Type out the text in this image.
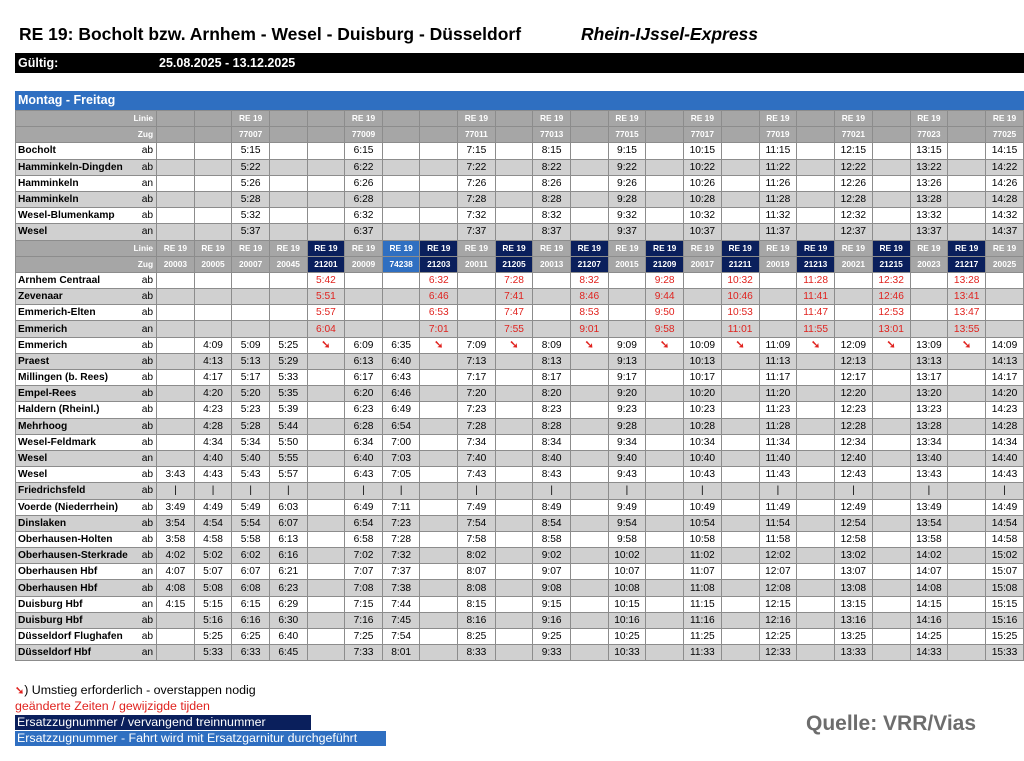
RE 19: Bocholt bzw. Arnhem - Wesel - Duisburg - Düsseldorf	Rhein-IJssel-Express
Gültig:	25.08.2025 - 13.12.2025
Montag - Freitag
Linie				RE 19			RE 19			RE 19		RE 19		RE 19		RE 19		RE 19		RE 19		RE 19		RE 19
Zug				77007			77009			77011		77013		77015		77017		77019		77021		77023		77025
Bocholt	ab			5:15			6:15			7:15		8:15		9:15		10:15		11:15		12:15		13:15		14:15
Hamminkeln-Dingden	ab			5:22			6:22			7:22		8:22		9:22		10:22		11:22		12:22		13:22		14:22
Hamminkeln	an			5:26			6:26			7:26		8:26		9:26		10:26		11:26		12:26		13:26		14:26
Hamminkeln	ab			5:28			6:28			7:28		8:28		9:28		10:28		11:28		12:28		13:28		14:28
Wesel-Blumenkamp	ab			5:32			6:32			7:32		8:32		9:32		10:32		11:32		12:32		13:32		14:32
Wesel	an			5:37			6:37			7:37		8:37		9:37		10:37		11:37		12:37		13:37		14:37
Linie		RE 19	RE 19	RE 19	RE 19	RE 19	RE 19	RE 19	RE 19	RE 19	RE 19	RE 19	RE 19	RE 19	RE 19	RE 19	RE 19	RE 19	RE 19	RE 19	RE 19	RE 19	RE 19	RE 19
Zug		20003	20005	20007	20045	21201	20009	74238	21203	20011	21205	20013	21207	20015	21209	20017	21211	20019	21213	20021	21215	20023	21217	20025
Arnhem Centraal	ab					5:42			6:32		7:28		8:32		9:28		10:32		11:28		12:32		13:28	
Zevenaar	ab					5:51			6:46		7:41		8:46		9:44		10:46		11:41		12:46		13:41	
Emmerich-Elten	ab					5:57			6:53		7:47		8:53		9:50		10:53		11:47		12:53		13:47	
Emmerich	an					6:04			7:01		7:55		9:01		9:58		11:01		11:55		13:01		13:55	
Emmerich	ab		4:09	5:09	5:25	➘	6:09	6:35	➘	7:09	➘	8:09	➘	9:09	➘	10:09	➘	11:09	➘	12:09	➘	13:09	➘	14:09
Praest	ab		4:13	5:13	5:29		6:13	6:40		7:13		8:13		9:13		10:13		11:13		12:13		13:13		14:13
Millingen (b. Rees)	ab		4:17	5:17	5:33		6:17	6:43		7:17		8:17		9:17		10:17		11:17		12:17		13:17		14:17
Empel-Rees	ab		4:20	5:20	5:35		6:20	6:46		7:20		8:20		9:20		10:20		11:20		12:20		13:20		14:20
Haldern (Rheinl.)	ab		4:23	5:23	5:39		6:23	6:49		7:23		8:23		9:23		10:23		11:23		12:23		13:23		14:23
Mehrhoog	ab		4:28	5:28	5:44		6:28	6:54		7:28		8:28		9:28		10:28		11:28		12:28		13:28		14:28
Wesel-Feldmark	ab		4:34	5:34	5:50		6:34	7:00		7:34		8:34		9:34		10:34		11:34		12:34		13:34		14:34
Wesel	an		4:40	5:40	5:55		6:40	7:03		7:40		8:40		9:40		10:40		11:40		12:40		13:40		14:40
Wesel	ab	3:43	4:43	5:43	5:57		6:43	7:05		7:43		8:43		9:43		10:43		11:43		12:43		13:43		14:43
Friedrichsfeld	ab	|	|	|	|		|	|		|		|		|		|		|		|		|		|
Voerde (Niederrhein)	ab	3:49	4:49	5:49	6:03		6:49	7:11		7:49		8:49		9:49		10:49		11:49		12:49		13:49		14:49
Dinslaken	ab	3:54	4:54	5:54	6:07		6:54	7:23		7:54		8:54		9:54		10:54		11:54		12:54		13:54		14:54
Oberhausen-Holten	ab	3:58	4:58	5:58	6:13		6:58	7:28		7:58		8:58		9:58		10:58		11:58		12:58		13:58		14:58
Oberhausen-Sterkrade	ab	4:02	5:02	6:02	6:16		7:02	7:32		8:02		9:02		10:02		11:02		12:02		13:02		14:02		15:02
Oberhausen Hbf	an	4:07	5:07	6:07	6:21		7:07	7:37		8:07		9:07		10:07		11:07		12:07		13:07		14:07		15:07
Oberhausen Hbf	ab	4:08	5:08	6:08	6:23		7:08	7:38		8:08		9:08		10:08		11:08		12:08		13:08		14:08		15:08
Duisburg Hbf	an	4:15	5:15	6:15	6:29		7:15	7:44		8:15		9:15		10:15		11:15		12:15		13:15		14:15		15:15
Duisburg Hbf	ab		5:16	6:16	6:30		7:16	7:45		8:16		9:16		10:16		11:16		12:16		13:16		14:16		15:16
Düsseldorf Flughafen	ab		5:25	6:25	6:40		7:25	7:54		8:25		9:25		10:25		11:25		12:25		13:25		14:25		15:25
Düsseldorf Hbf	an		5:33	6:33	6:45		7:33	8:01		8:33		9:33		10:33		11:33		12:33		13:33		14:33		15:33
➘) Umstieg erforderlich - overstappen nodig
geänderte Zeiten / gewijzigde tijden
Ersatzzugnummer / vervangend treinnummer
Ersatzzugnummer - Fahrt wird mit Ersatzgarnitur durchgeführt
Quelle: VRR/Vias
